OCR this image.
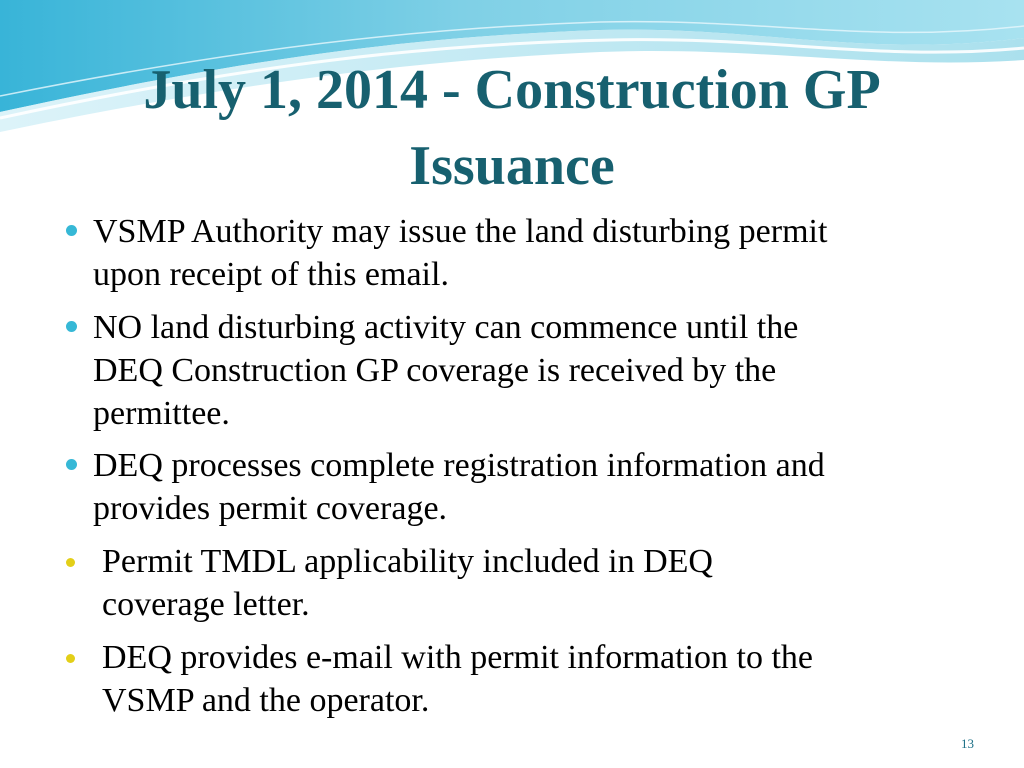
July 1, 2014 - Construction GP
Issuance
VSMP Authority may issue the land disturbing permit
upon receipt of this email.
NO land disturbing activity can commence until the
DEQ Construction GP coverage is received by the
permittee.
DEQ processes complete registration information and
provides permit coverage.
Permit TMDL applicability included in DEQ
coverage letter.
DEQ provides e-mail with permit information to the
VSMP and the operator.
13
